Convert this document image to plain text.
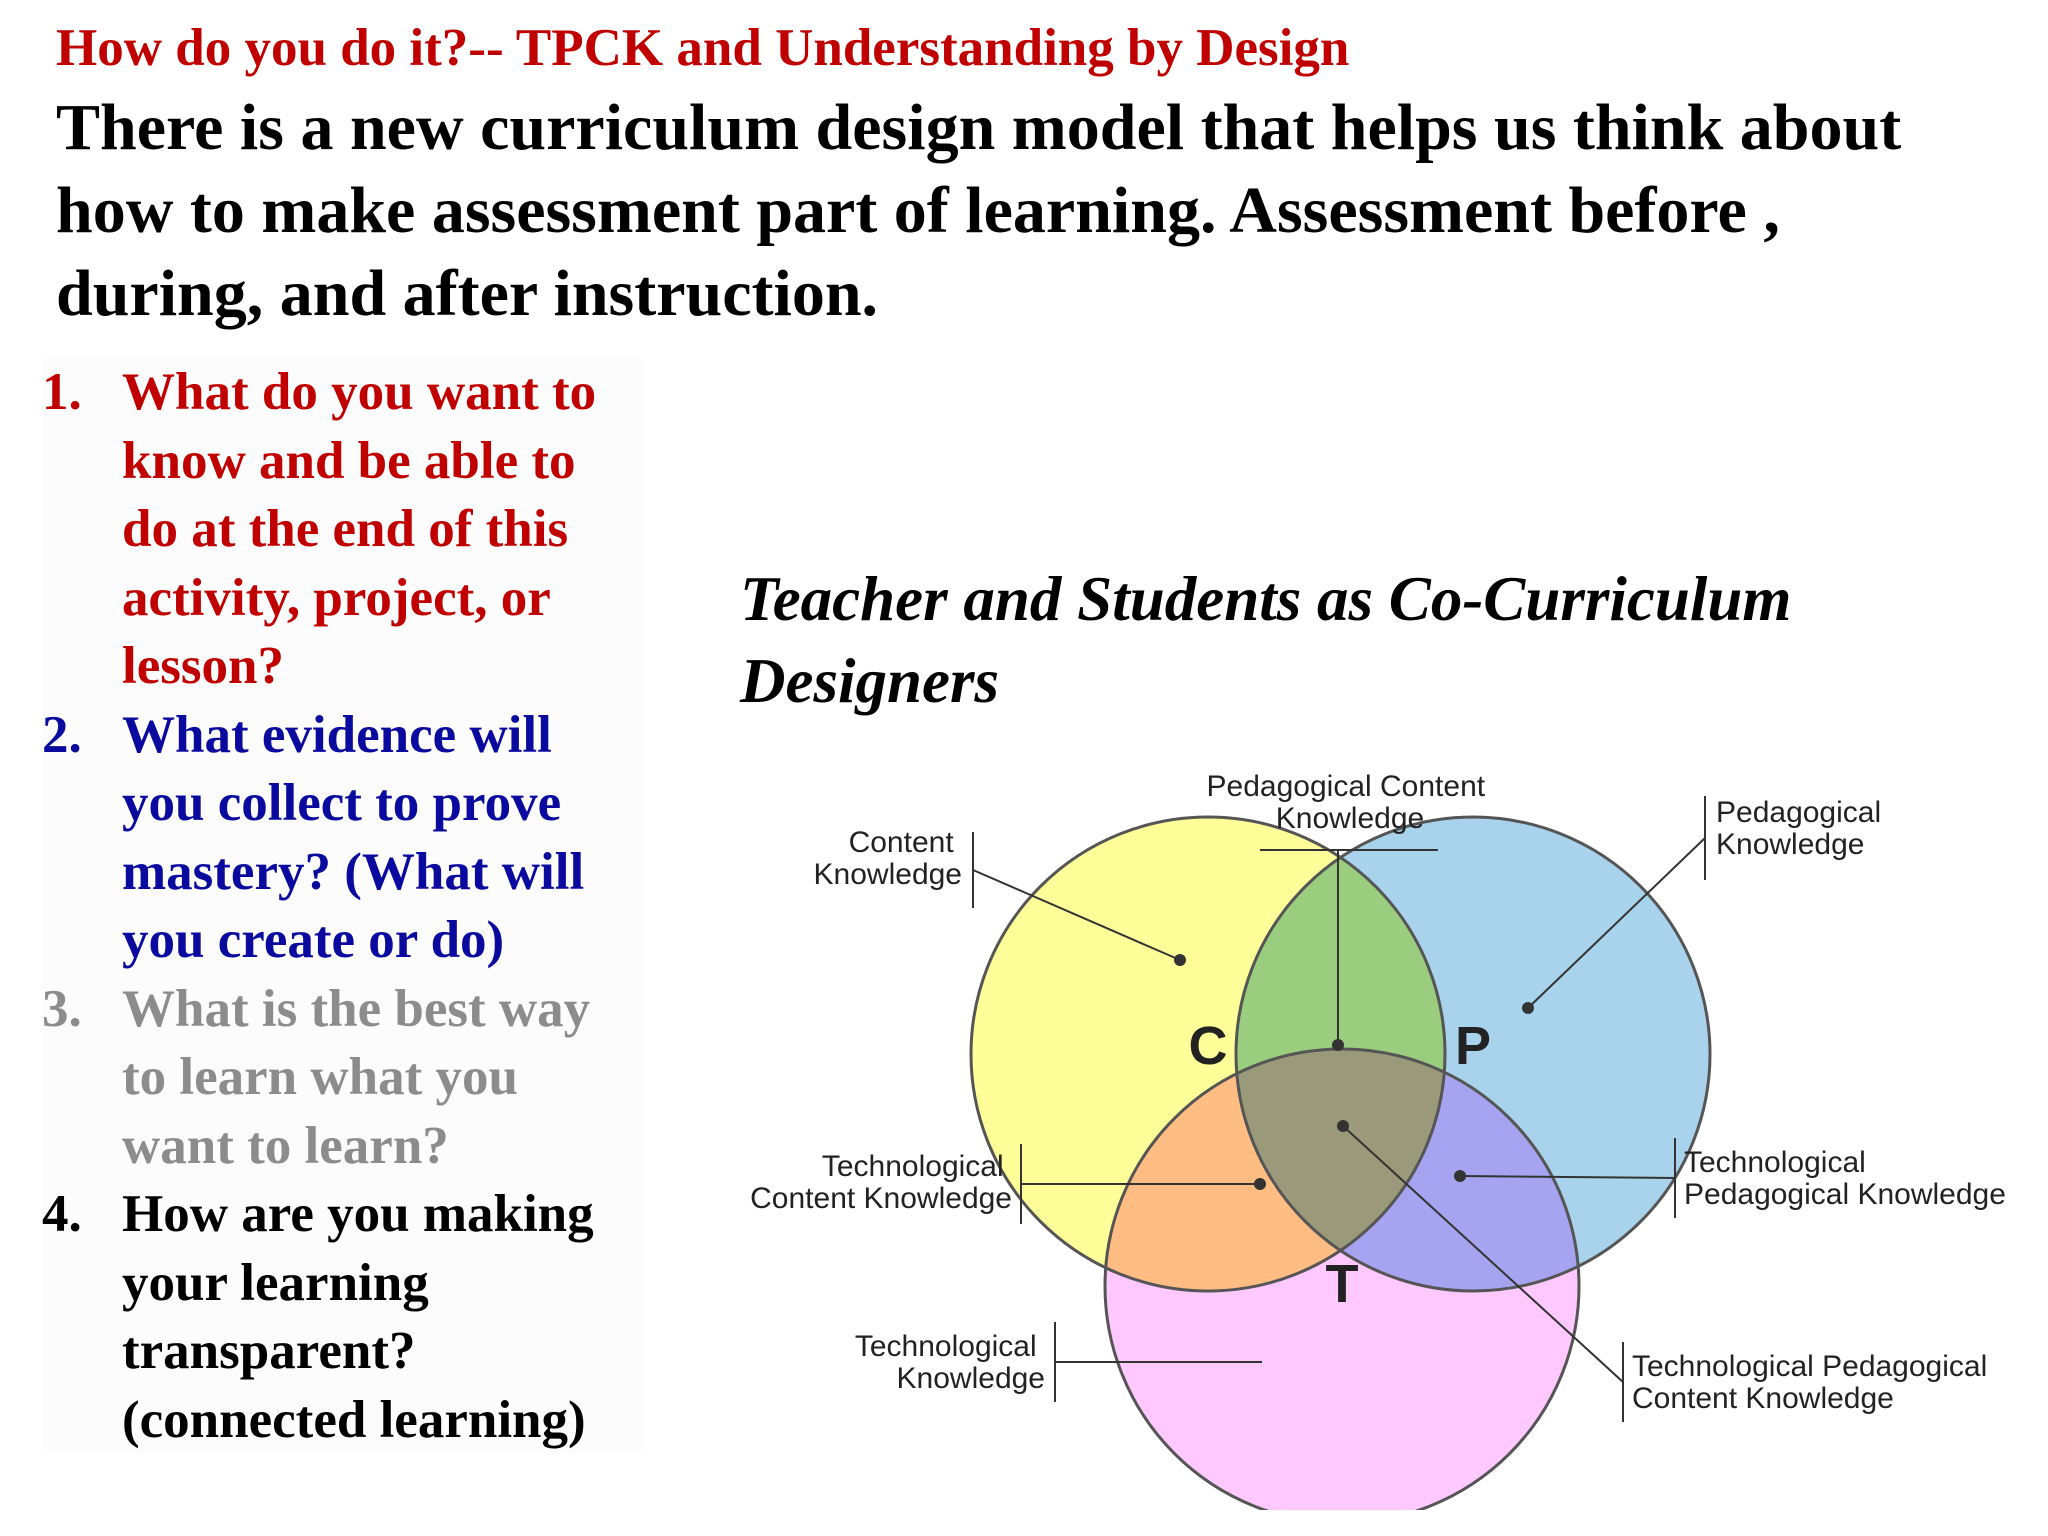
How do you do it?-- TPCK and Understanding by Design
There is a new curriculum design model that helps us think about how to make assessment part of learning. Assessment before , during, and after instruction.
1. What do you want to know and be able to do at the end of this activity, project, or lesson?
2. What evidence will you collect to prove mastery? (What will you create or do)
3. What is the best way to learn what you want to learn?
4. How are you making your learning transparent? (connected learning)
Teacher and Students as Co-Curriculum Designers
C	P
T
Content Knowledge
Pedagogical Content Knowledge	Pedagogical Knowledge
Technological Content Knowledge
Technological Pedagogical Knowledge
Technological Knowledge	Technological Pedagogical Content Knowledge
